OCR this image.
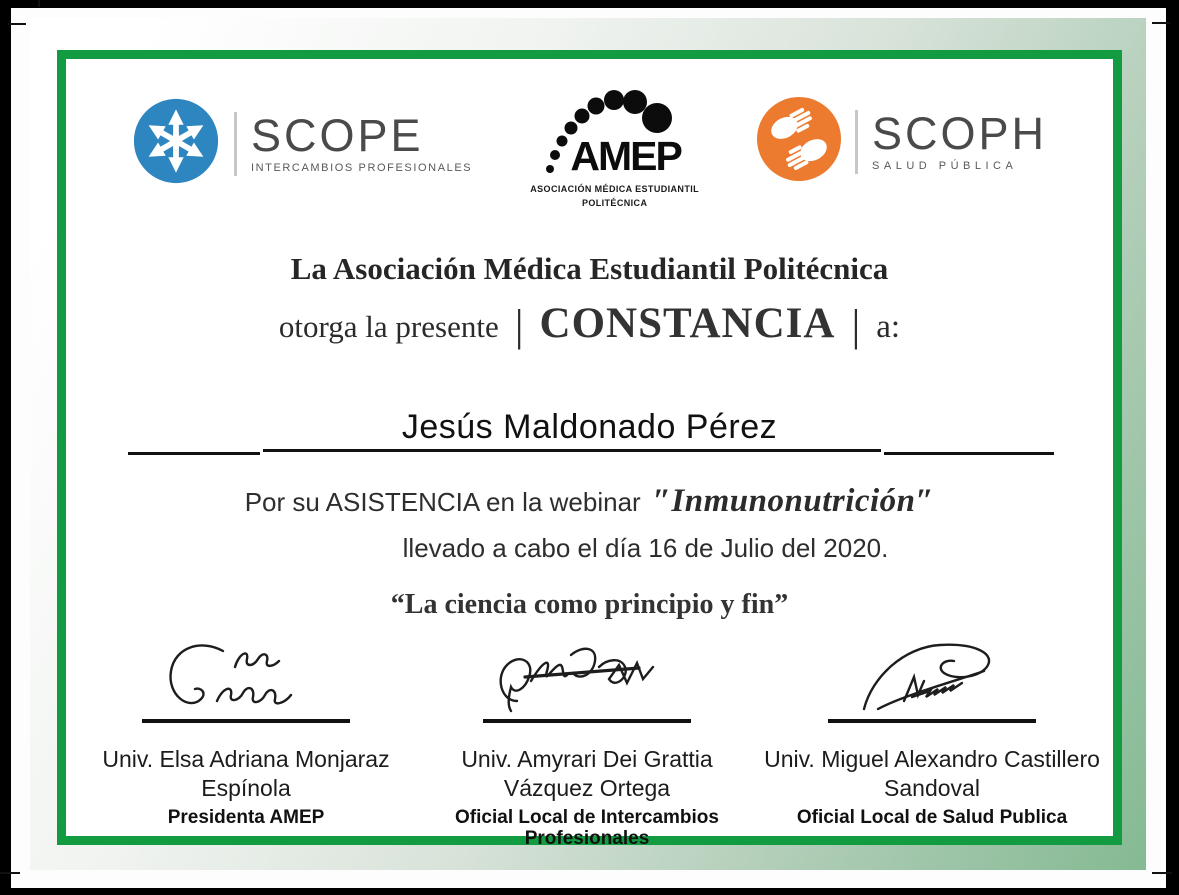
SCOPE
INTERCAMBIOS PROFESIONALES AMEP
ASOCIACIÓN MÉDICA ESTUDIANTIL
POLITÉCNICA
SCOPH
SALUD PÚBLICA
La Asociación Médica Estudiantil Politécnica
otorga la presente | CONSTANCIA | a:
Jesús Maldonado Pérez
Por su ASISTENCIA en la webinar ″Inmunonutrición″
llevado a cabo el día 16 de Julio del 2020.
“La ciencia como principio y fin”
Univ. Elsa Adriana Monjaraz Espínola
Presidenta AMEP
Univ. Amyrari Dei Grattia Vázquez Ortega
Oficial Local de Intercambios Profesionales
Univ. Miguel Alexandro Castillero Sandoval
Oficial Local de Salud Publica
